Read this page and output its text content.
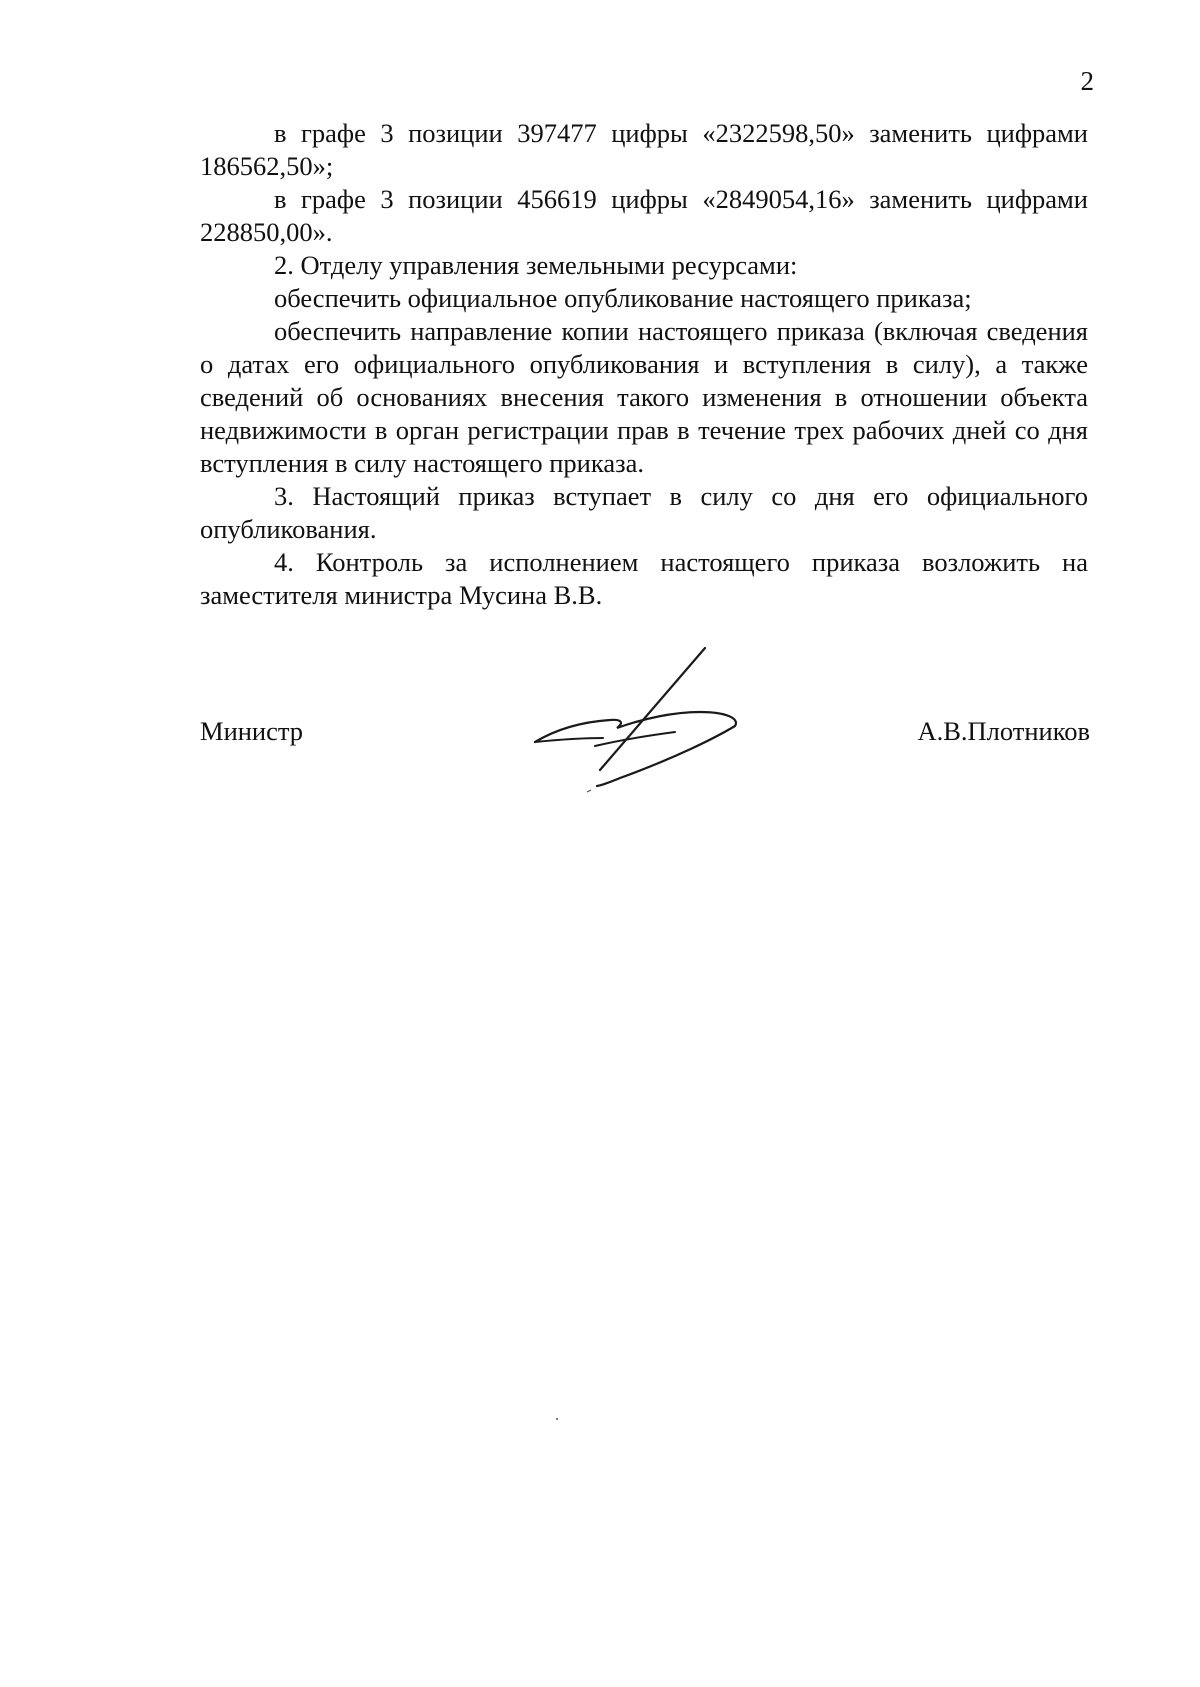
2

в графе 3 позиции 397477 цифры «2322598,50» заменить цифрами 186562,50»;

в графе 3 позиции 456619 цифры «2849054,16» заменить цифрами 228850,00».

2. Отделу управления земельными ресурсами:

обеспечить официальное опубликование настоящего приказа;

обеспечить направление копии настоящего приказа (включая сведения о датах его официального опубликования и вступления в силу), а также сведений об основаниях внесения такого изменения в отношении объекта недвижимости в орган регистрации прав в течение трех рабочих дней со дня вступления в силу настоящего приказа.

3. Настоящий приказ вступает в силу со дня его официального опубликования.

4. Контроль за исполнением настоящего приказа возложить на заместителя министра Мусина В.В.

Министр	А.В.Плотников
